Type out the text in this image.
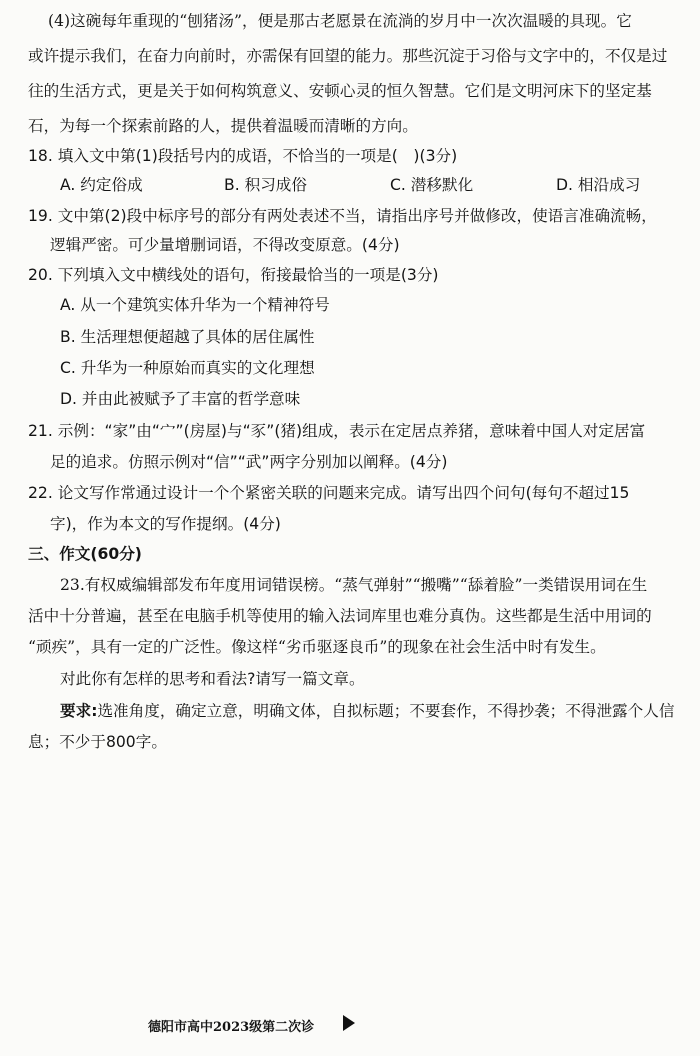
(4)这碗每年重现的“刨猪汤”，便是那古老愿景在流淌的岁月中一次次温暖的具现。它
或许提示我们，在奋力向前时，亦需保有回望的能力。那些沉淀于习俗与文字中的，不仅是过
往的生活方式，更是关于如何构筑意义、安顿心灵的恒久智慧。它们是文明河床下的坚定基
石，为每一个探索前路的人，提供着温暖而清晰的方向。
18. 填入文中第(1)段括号内的成语，不恰当的一项是(　)(3分)
A. 约定俗成	B. 积习成俗	C. 潜移默化	D. 相沿成习
19. 文中第(2)段中标序号的部分有两处表述不当，请指出序号并做修改，使语言准确流畅，
逻辑严密。可少量增删词语，不得改变原意。(4分)
20. 下列填入文中横线处的语句，衔接最恰当的一项是(3分)
A. 从一个建筑实体升华为一个精神符号
B. 生活理想便超越了具体的居住属性
C. 升华为一种原始而真实的文化理想
D. 并由此被赋予了丰富的哲学意味
21. 示例：“家”由“宀”(房屋)与“豕”(猪)组成，表示在定居点养猪，意味着中国人对定居富
足的追求。仿照示例对“信”“武”两字分别加以阐释。(4分)
22. 论文写作常通过设计一个个紧密关联的问题来完成。请写出四个问句(每句不超过15
字)，作为本文的写作提纲。(4分)
三、作文(60分)
23.有权威编辑部发布年度用词错误榜。“蒸气弹射”“搬嘴”“舔着脸”一类错误用词在生
活中十分普遍，甚至在电脑手机等使用的输入法词库里也难分真伪。这些都是生活中用词的
“顽疾”，具有一定的广泛性。像这样“劣币驱逐良币”的现象在社会生活中时有发生。
对此你有怎样的思考和看法?请写一篇文章。
要求:选准角度，确定立意，明确文体，自拟标题；不要套作，不得抄袭；不得泄露个人信
息；不少于800字。
德阳市高中2023级第二次诊
